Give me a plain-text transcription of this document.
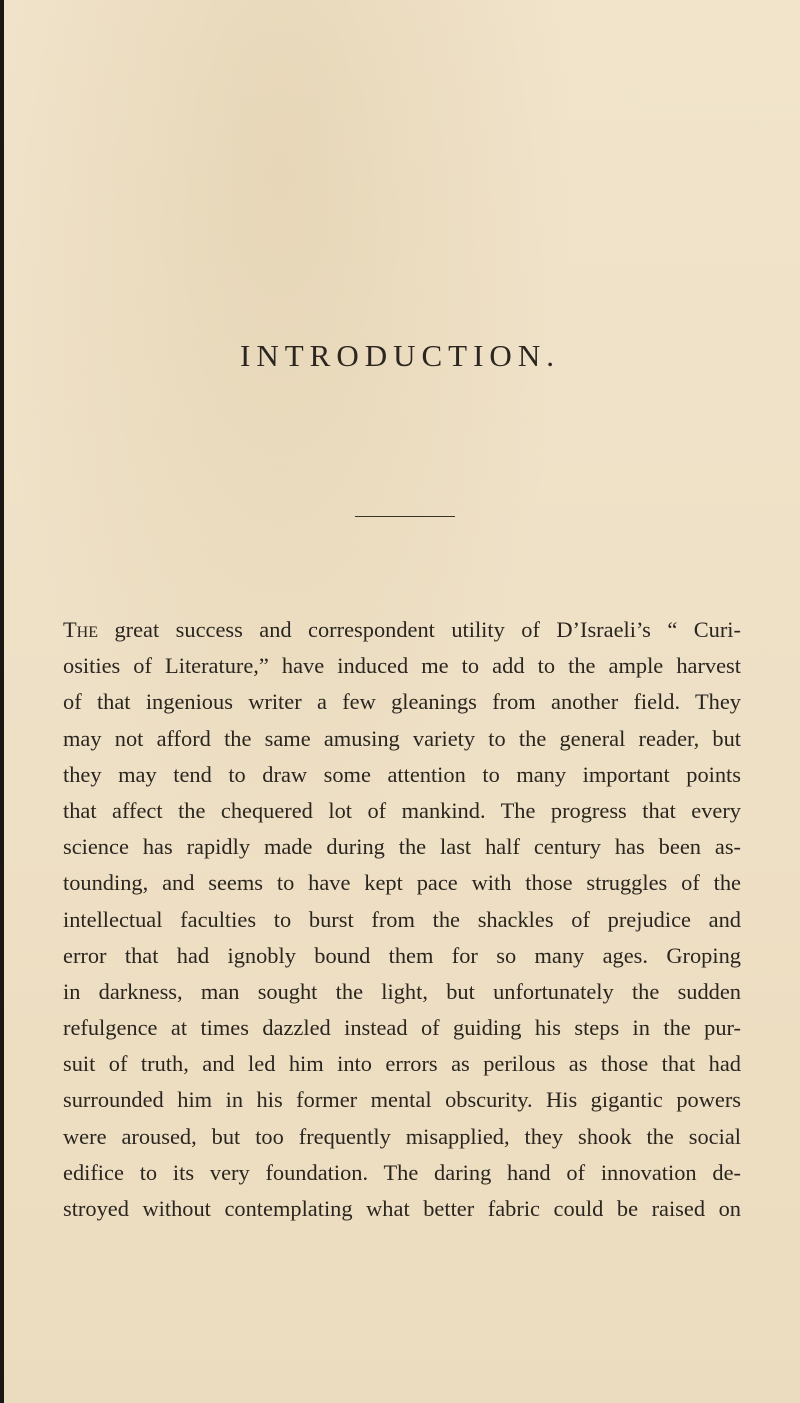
INTRODUCTION.
The great success and correspondent utility of D’Israeli’s “ Curi-
osities of Literature,” have induced me to add to the ample harvest
of that ingenious writer a few gleanings from another field. They
may not afford the same amusing variety to the general reader, but
they may tend to draw some attention to many important points
that affect the chequered lot of mankind. The progress that every
science has rapidly made during the last half century has been as-
tounding, and seems to have kept pace with those struggles of the
intellectual faculties to burst from the shackles of prejudice and
error that had ignobly bound them for so many ages. Groping
in darkness, man sought the light, but unfortunately the sudden
refulgence at times dazzled instead of guiding his steps in the pur-
suit of truth, and led him into errors as perilous as those that had
surrounded him in his former mental obscurity. His gigantic powers
were aroused, but too frequently misapplied, they shook the social
edifice to its very foundation. The daring hand of innovation de-
stroyed without contemplating what better fabric could be raised on
